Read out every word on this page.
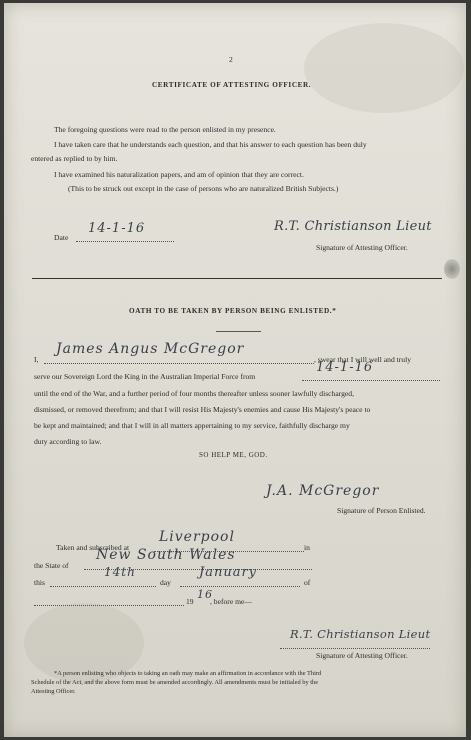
2
CERTIFICATE OF ATTESTING OFFICER.
The foregoing questions were read to the person enlisted in my presence.
I have taken care that he understands each question, and that his answer to each question has been duly
entered as replied to by him.
I have examined his naturalization papers, and am of opinion that they are correct.
(This to be struck out except in the case of persons who are naturalized British Subjects.)
Date
14-1-16	R.T. Christianson Lieut
Signature of Attesting Officer.
OATH TO BE TAKEN BY PERSON BEING ENLISTED.*
I,
James Angus McGregor
, swear that I will well and truly
serve our Sovereign Lord the King in the Australian Imperial Force from
14-1-16
until the end of the War, and a further period of four months thereafter unless sooner lawfully discharged,
dismissed, or removed therefrom; and that I will resist His Majesty's enemies and cause His Majesty's peace to
be kept and maintained; and that I will in all matters appertaining to my service, faithfully discharge my
duty according to law.
SO HELP ME, GOD.
J.A. McGregor
Signature of Person Enlisted.
Taken and subscribed at
Liverpool
in
the State of
New South Wales
this
14th
day
January
of
19
16
, before me—
R.T. Christianson Lieut
Signature of Attesting Officer.
*A person enlisting who objects to taking an oath may make an affirmation in accordance with the Third
Schedule of the Act, and the above form must be amended accordingly. All amendments must be initialed by the
Attesting Officer.
